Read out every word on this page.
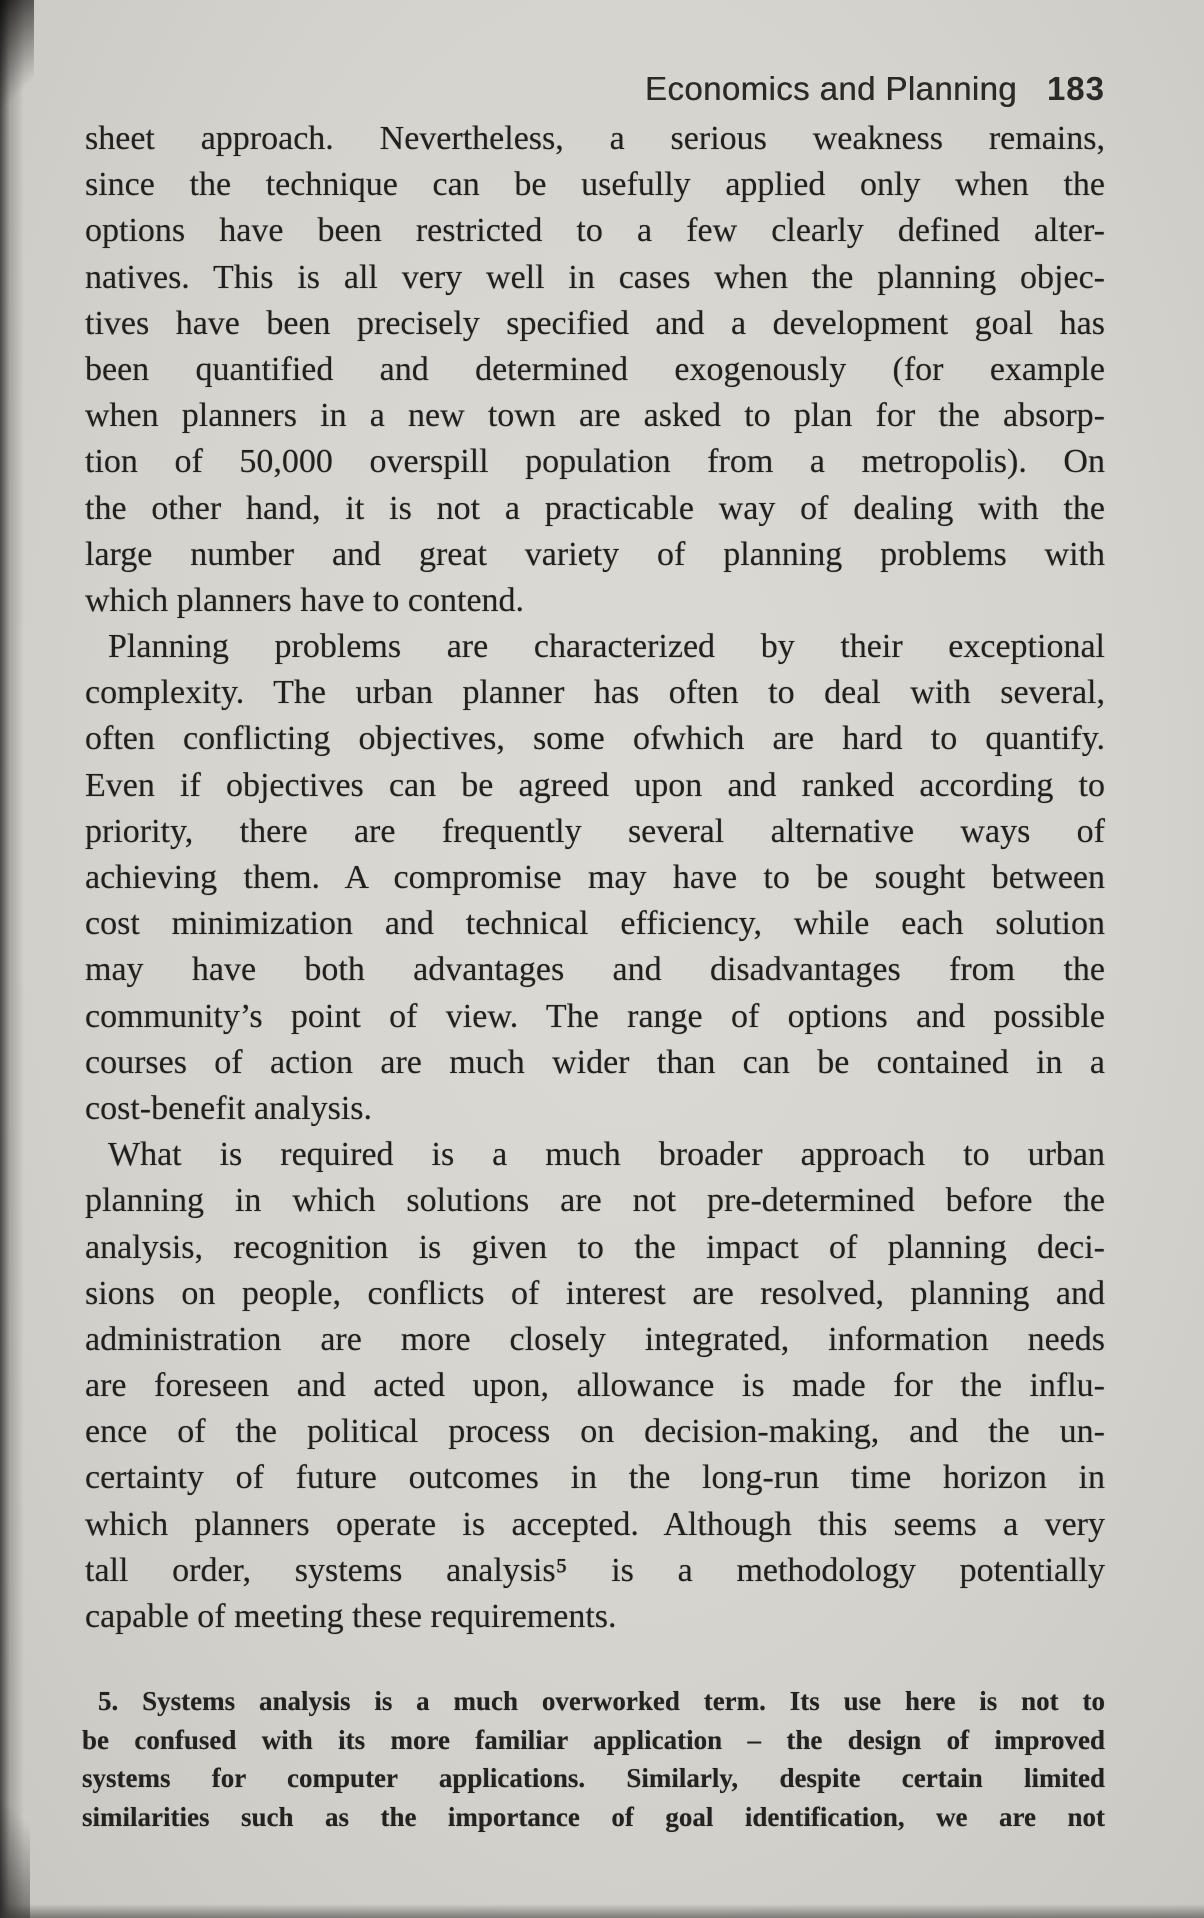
Economics and Planning 183
sheet approach. Nevertheless, a serious weakness remains,
since the technique can be usefully applied only when the
options have been restricted to a few clearly defined alter-
natives. This is all very well in cases when the planning objec-
tives have been precisely specified and a development goal has
been quantified and determined exogenously (for example
when planners in a new town are asked to plan for the absorp-
tion of 50,000 overspill population from a metropolis). On
the other hand, it is not a practicable way of dealing with the
large number and great variety of planning problems with
which planners have to contend.
Planning problems are characterized by their exceptional
complexity. The urban planner has often to deal with several,
often conflicting objectives, some ofwhich are hard to quantify.
Even if objectives can be agreed upon and ranked according to
priority, there are frequently several alternative ways of
achieving them. A compromise may have to be sought between
cost minimization and technical efficiency, while each solution
may have both advantages and disadvantages from the
community’s point of view. The range of options and possible
courses of action are much wider than can be contained in a
cost-benefit analysis.
What is required is a much broader approach to urban
planning in which solutions are not pre-determined before the
analysis, recognition is given to the impact of planning deci-
sions on people, conflicts of interest are resolved, planning and
administration are more closely integrated, information needs
are foreseen and acted upon, allowance is made for the influ-
ence of the political process on decision-making, and the un-
certainty of future outcomes in the long-run time horizon in
which planners operate is accepted. Although this seems a very
tall order, systems analysis⁵ is a methodology potentially
capable of meeting these requirements.
5. Systems analysis is a much overworked term. Its use here is not to
be confused with its more familiar application – the design of improved
systems for computer applications. Similarly, despite certain limited
similarities such as the importance of goal identification, we are not
